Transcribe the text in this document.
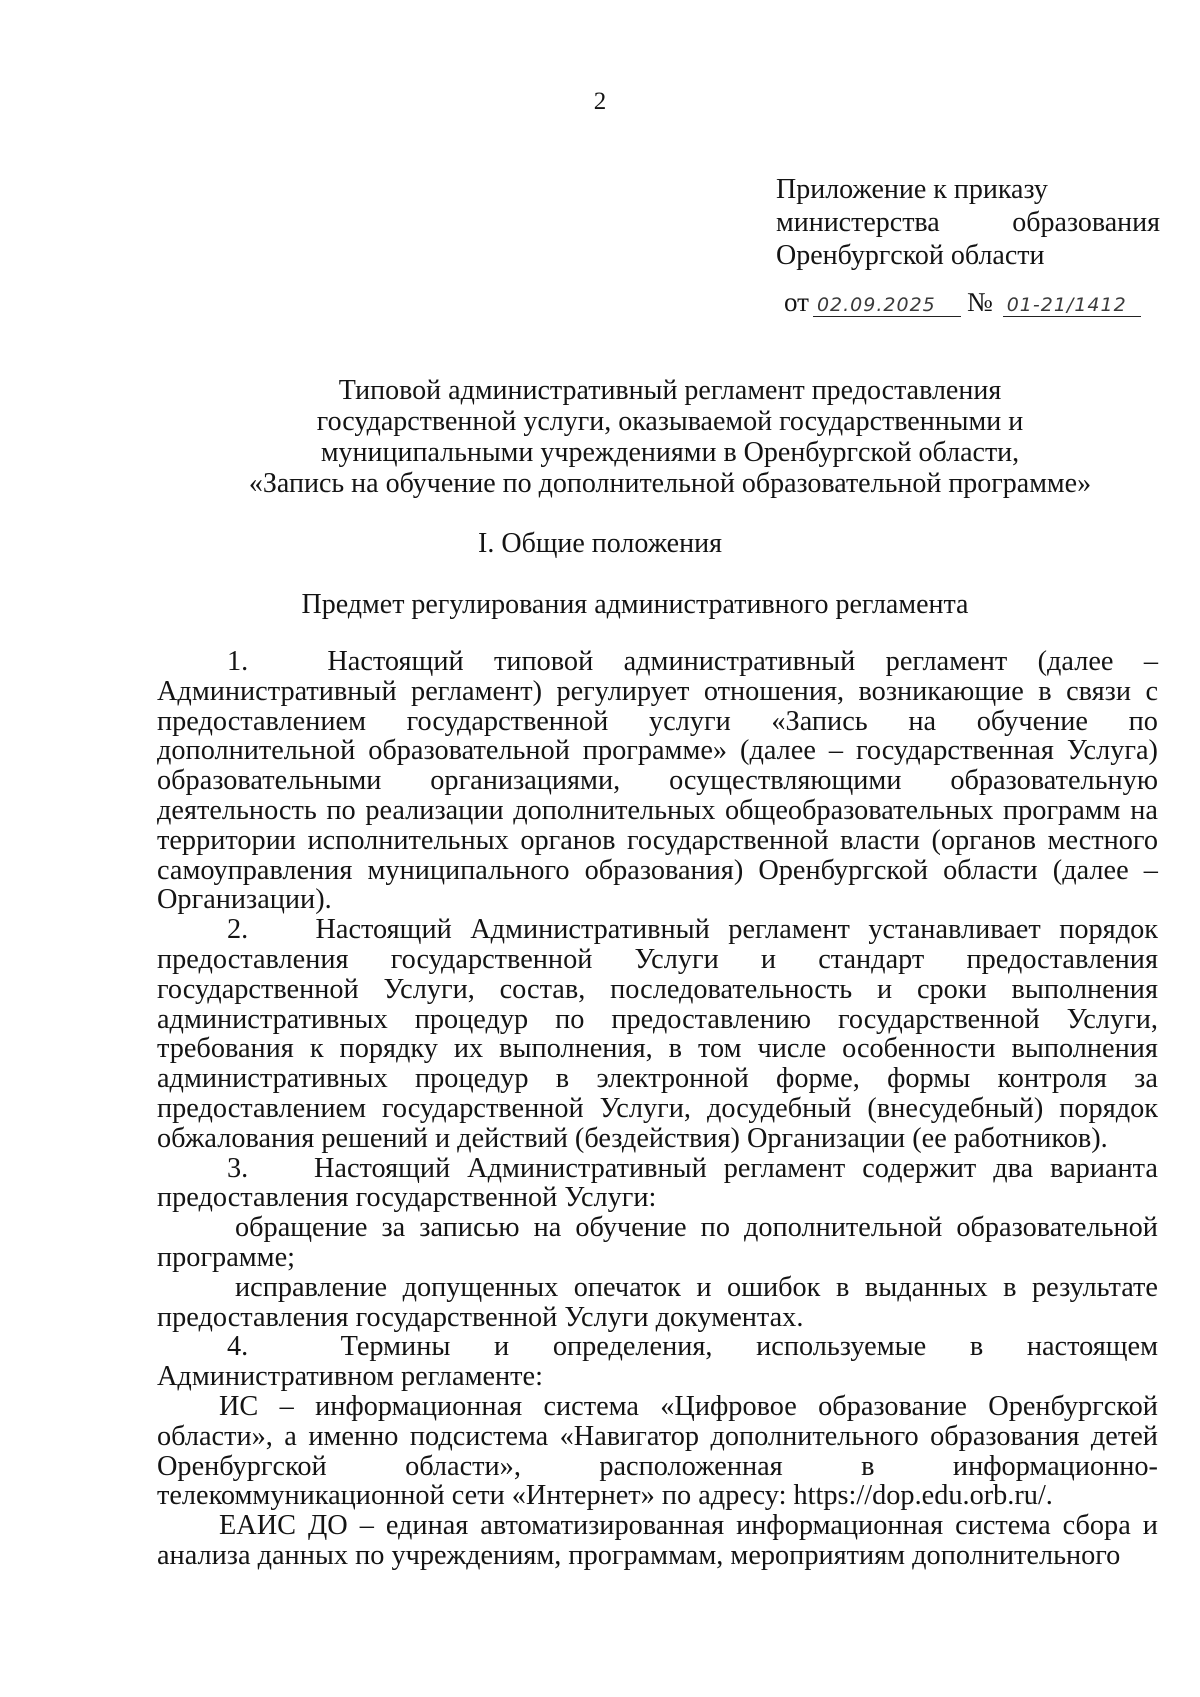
2
Приложение к приказу
министерства	образования
Оренбургской области
от 02.09.2025	№ 01-21/1412
Типовой административный регламент предоставления
государственной услуги, оказываемой государственными и
муниципальными учреждениями в Оренбургской области,
«Запись на обучение по дополнительной образовательной программе»
I. Общие положения
Предмет регулирования административного регламента
1.	Настоящий типовой административный регламент (далее –
Административный регламент) регулирует отношения, возникающие в связи с
предоставлением государственной услуги «Запись на обучение по
дополнительной образовательной программе» (далее – государственная Услуга)
образовательными организациями, осуществляющими образовательную
деятельность по реализации дополнительных общеобразовательных программ на
территории исполнительных органов государственной власти (органов местного
самоуправления муниципального образования) Оренбургской области (далее –
Организации).
2.	Настоящий Административный регламент устанавливает порядок
предоставления государственной Услуги и стандарт предоставления
государственной Услуги, состав, последовательность и сроки выполнения
административных процедур по предоставлению государственной Услуги,
требования к порядку их выполнения, в том числе особенности выполнения
административных процедур в электронной форме, формы контроля за
предоставлением государственной Услуги, досудебный (внесудебный) порядок
обжалования решений и действий (бездействия) Организации (ее работников).
3.	Настоящий Административный регламент содержит два варианта
предоставления государственной Услуги:
обращение за записью на обучение по дополнительной образовательной
программе;
исправление допущенных опечаток и ошибок в выданных в результате
предоставления государственной Услуги документах.
4.	Термины и определения, используемые в настоящем
Административном регламенте:
ИС – информационная система «Цифровое образование Оренбургской
области», а именно подсистема «Навигатор дополнительного образования детей
Оренбургской	области»,	расположенная	в	информационно-
телекоммуникационной сети «Интернет» по адресу: https://dop.edu.orb.ru/.
ЕАИС ДО – единая автоматизированная информационная система сбора и
анализа
данных
по
учреждениям,
программам,
мероприятиям
дополнительного
